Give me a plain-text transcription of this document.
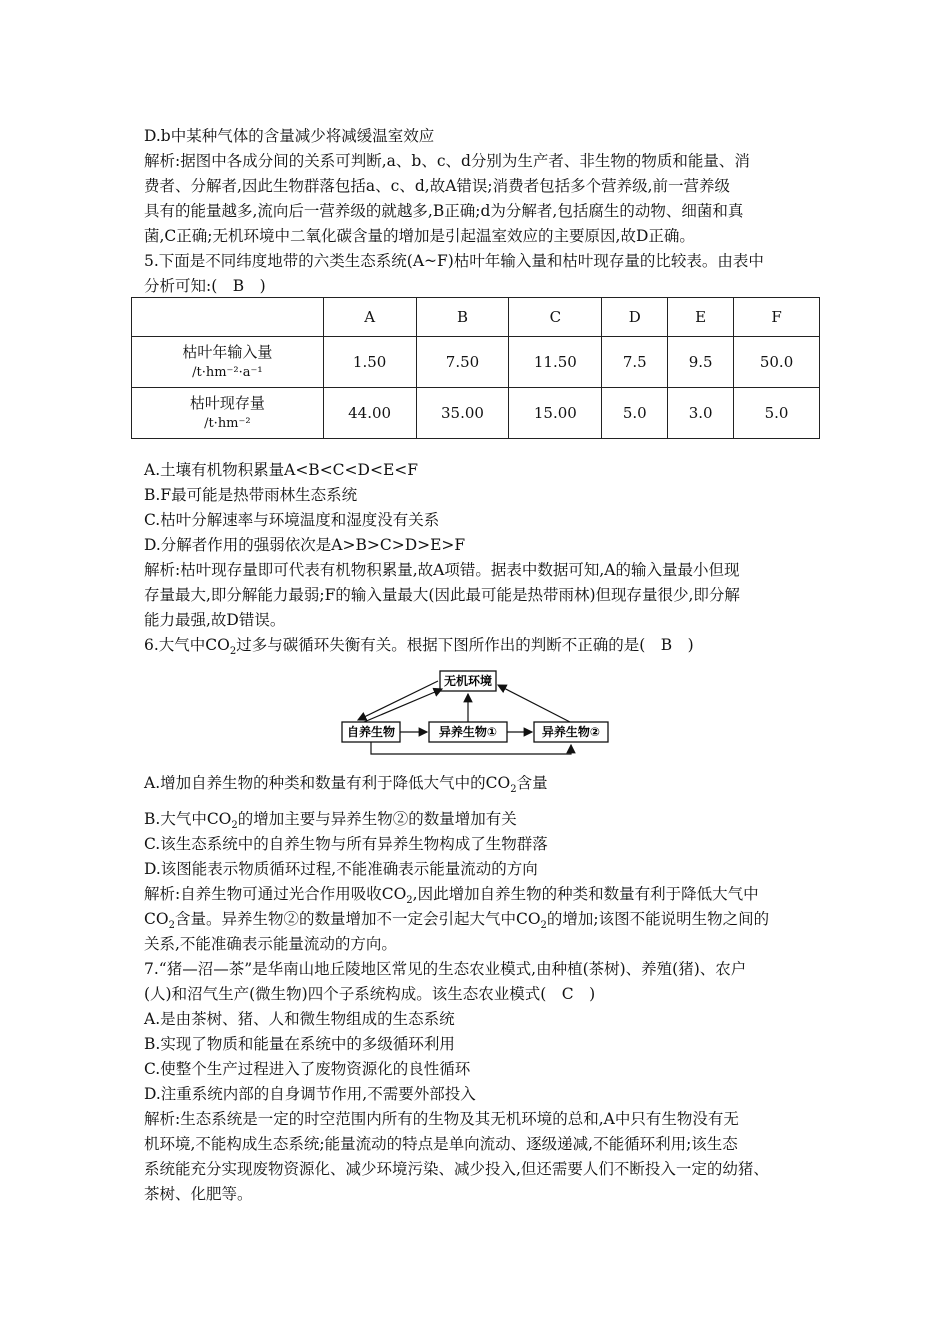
D.b中某种气体的含量减少将减缓温室效应
解析:据图中各成分间的关系可判断,a、b、c、d分别为生产者、非生物的物质和能量、消
费者、分解者,因此生物群落包括a、c、d,故A错误;消费者包括多个营养级,前一营养级
具有的能量越多,流向后一营养级的就越多,B正确;d为分解者,包括腐生的动物、细菌和真
菌,C正确;无机环境中二氧化碳含量的增加是引起温室效应的主要原因,故D正确。
5.下面是不同纬度地带的六类生态系统(A~F)枯叶年输入量和枯叶现存量的比较表。由表中
分析可知:(　B　)
	A	B	C	D	E	F

枯叶年输入量
/t·hm⁻²·a⁻¹	1.50	7.50	11.50	7.5	9.5	50.0

枯叶现存量
/t·hm⁻²	44.00	35.00	15.00	5.0	3.0	5.0
A.土壤有机物积累量A<B<C<D<E<F
B.F最可能是热带雨林生态系统
C.枯叶分解速率与环境温度和湿度没有关系
D.分解者作用的强弱依次是A>B>C>D>E>F
解析:枯叶现存量即可代表有机物积累量,故A项错。据表中数据可知,A的输入量最小但现
存量最大,即分解能力最弱;F的输入量最大(因此最可能是热带雨林)但现存量很少,即分解
能力最强,故D错误。
6.大气中$CO_2$过多与碳循环失衡有关。根据下图所作出的判断不正确的是(　B　)
无机环境
自养生物	异养生物①	异养生物②
A.增加自养生物的种类和数量有利于降低大气中的$CO_2$含量
B.大气中$CO_2$的增加主要与异养生物②的数量增加有关
C.该生态系统中的自养生物与所有异养生物构成了生物群落
D.该图能表示物质循环过程,不能准确表示能量流动的方向
解析:自养生物可通过光合作用吸收$CO_2$,因此增加自养生物的种类和数量有利于降低大气中
$CO_2$含量。异养生物②的数量增加不一定会引起大气中$CO_2$的增加;该图不能说明生物之间的
关系,不能准确表示能量流动的方向。
7.“猪—沼—茶”是华南山地丘陵地区常见的生态农业模式,由种植(茶树)、养殖(猪)、农户
(人)和沼气生产(微生物)四个子系统构成。该生态农业模式(　C　)
A.是由茶树、猪、人和微生物组成的生态系统
B.实现了物质和能量在系统中的多级循环利用
C.使整个生产过程进入了废物资源化的良性循环
D.注重系统内部的自身调节作用,不需要外部投入
解析:生态系统是一定的时空范围内所有的生物及其无机环境的总和,A中只有生物没有无
机环境,不能构成生态系统;能量流动的特点是单向流动、逐级递减,不能循环利用;该生态
系统能充分实现废物资源化、减少环境污染、减少投入,但还需要人们不断投入一定的幼猪、
茶树、化肥等。
